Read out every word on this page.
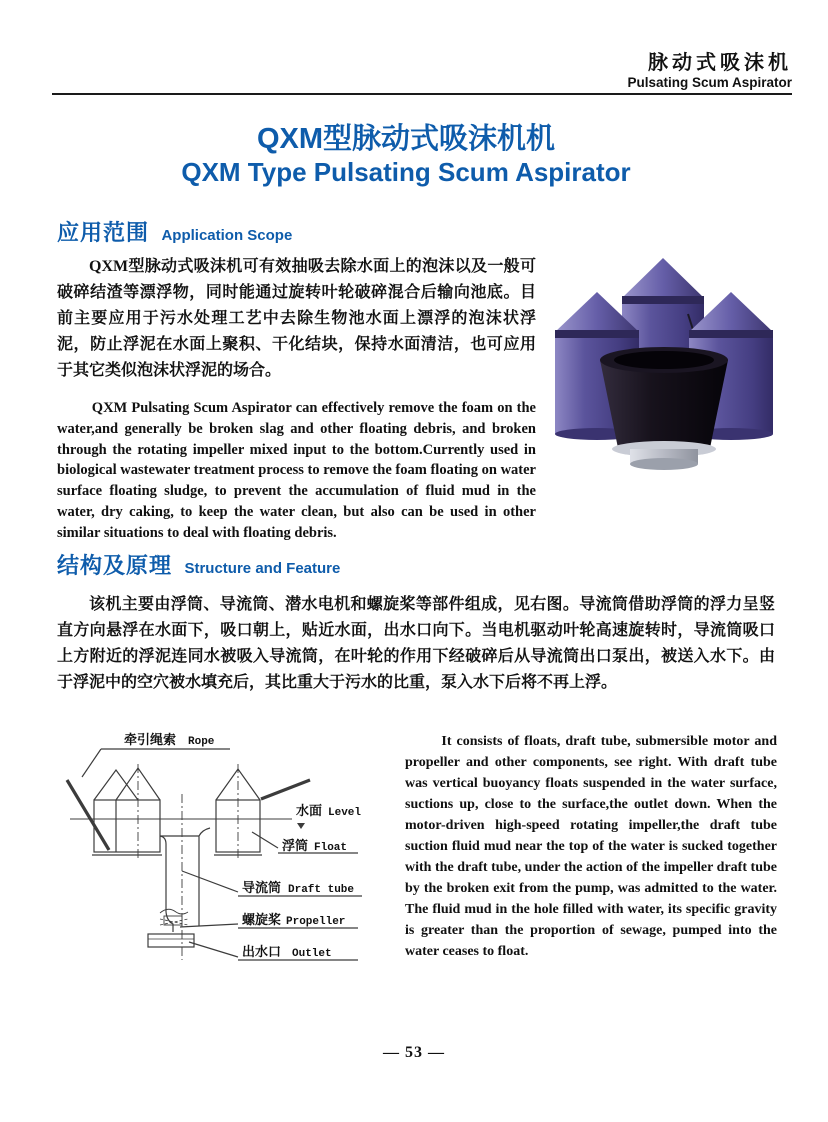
脉动式吸沫机
Pulsating Scum Aspirator
QXM型脉动式吸沫机机
QXM Type Pulsating Scum Aspirator
应用范围 Application Scope
QXM型脉动式吸沫机可有效抽吸去除水面上的泡沫以及一般可破碎结渣等漂浮物，同时能通过旋转叶轮破碎混合后输向池底。目前主要应用于污水处理工艺中去除生物池水面上漂浮的泡沫状浮泥，防止浮泥在水面上聚积、干化结块，保持水面清洁，也可应用于其它类似泡沫状浮泥的场合。
QXM Pulsating Scum Aspirator can effectively remove the foam on the water,and generally be broken slag and other floating debris, and broken through the rotating impeller mixed input to the bottom.Currently used in biological wastewater treatment process to remove the foam floating on water surface floating sludge, to prevent the accumulation of fluid mud in the water, dry caking, to keep the water clean, but also can be used in other similar situations to deal with floating debris.
结构及原理 Structure and Feature
该机主要由浮筒、导流筒、潜水电机和螺旋桨等部件组成，见右图。导流筒借助浮筒的浮力呈竖直方向悬浮在水面下，吸口朝上，贴近水面，出水口向下。当电机驱动叶轮高速旋转时，导流筒吸口上方附近的浮泥连同水被吸入导流筒，在叶轮的作用下经破碎后从导流筒出口泵出，被送入水下。由于浮泥中的空穴被水填充后，其比重大于污水的比重，泵入水下后将不再上浮。
牵引绳索 Rope
水面 Level
浮筒 Float
导流筒 Draft tube
螺旋桨 Propeller
出水口 Outlet
It consists of floats, draft tube, submersible motor and propeller and other components, see right. With draft tube was vertical buoyancy floats suspended in the water surface, suctions up, close to the surface,the outlet down. When the motor-driven high-speed rotating impeller,the draft tube suction fluid mud near the top of the water is sucked together with the draft tube, under the action of the impeller draft tube by the broken exit from the pump, was admitted to the water. The fluid mud in the hole filled with water, its specific gravity is greater than the proportion of sewage, pumped into the water ceases to float.
— 53 —
